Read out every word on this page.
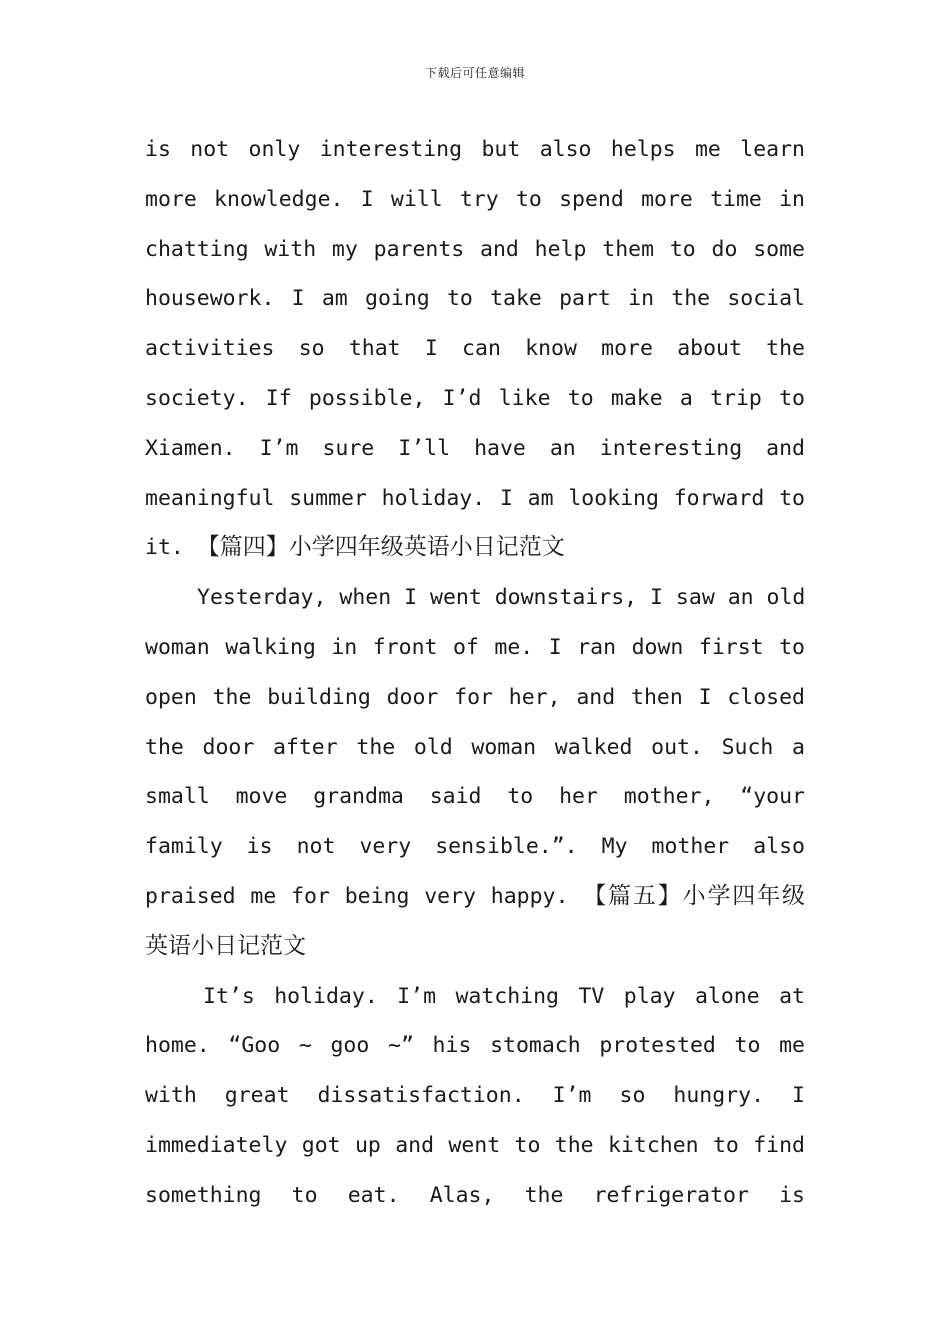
下载后可任意编辑
is not only interesting but also helps me learn
more knowledge. I will try to spend more time in
chatting with my parents and help them to do some
housework. I am going to take part in the social
activities so that I can know more about the
society. If possible, I’d like to make a trip to
Xiamen. I’m sure I’ll have an interesting and
meaningful summer holiday. I am looking forward to
it. 【篇四】小学四年级英语小日记范文
Yesterday, when I went downstairs, I saw an old
woman walking in front of me. I ran down first to
open the building door for her, and then I closed
the door after the old woman walked out. Such a
small move grandma said to her mother, “your
family is not very sensible.”. My mother also
praised me for being very happy. 【篇五】小学四年级
英语小日记范文
It’s holiday. I’m watching TV play alone at
home. “Goo ~ goo ~” his stomach protested to me
with great dissatisfaction. I’m so hungry. I
immediately got up and went to the kitchen to find
something to eat. Alas, the refrigerator is
